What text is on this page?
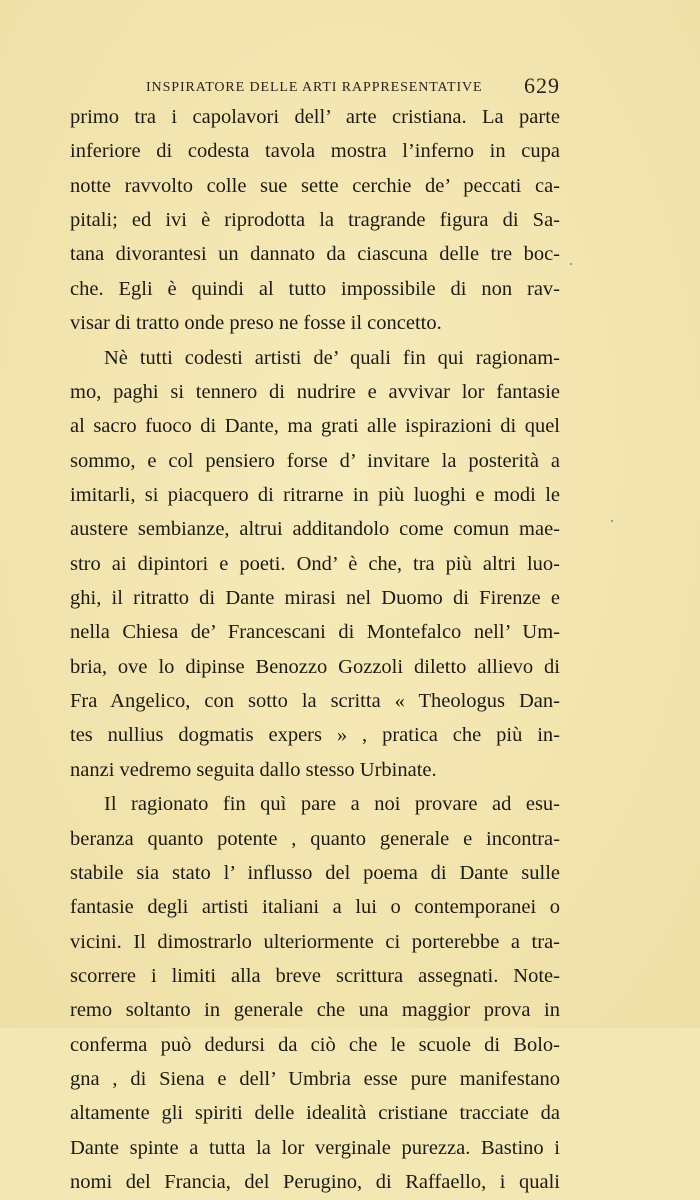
INSPIRATORE DELLE ARTI RAPPRESENTATIVE 629
primo tra i capolavori dell’ arte cristiana. La parte
inferiore di codesta tavola mostra l’inferno in cupa
notte ravvolto colle sue sette cerchie de’ peccati ca-
pitali; ed ivi è riprodotta la tragrande figura di Sa-
tana divorantesi un dannato da ciascuna delle tre boc-
che. Egli è quindi al tutto impossibile di non rav-
visar di tratto onde preso ne fosse il concetto.
Nè tutti codesti artisti de’ quali fin qui ragionam-
mo, paghi si tennero di nudrire e avvivar lor fantasie
al sacro fuoco di Dante, ma grati alle ispirazioni di quel
sommo, e col pensiero forse d’ invitare la posterità a
imitarli, si piacquero di ritrarne in più luoghi e modi le
austere sembianze, altrui additandolo come comun mae-
stro ai dipintori e poeti. Ond’ è che, tra più altri luo-
ghi, il ritratto di Dante mirasi nel Duomo di Firenze e
nella Chiesa de’ Francescani di Montefalco nell’ Um-
bria, ove lo dipinse Benozzo Gozzoli diletto allievo di
Fra Angelico, con sotto la scritta « Theologus Dan-
tes nullius dogmatis expers » , pratica che più in-
nanzi vedremo seguita dallo stesso Urbinate.
Il ragionato fin quì pare a noi provare ad esu-
beranza quanto potente , quanto generale e incontra-
stabile sia stato l’ influsso del poema di Dante sulle
fantasie degli artisti italiani a lui o contemporanei o
vicini. Il dimostrarlo ulteriormente ci porterebbe a tra-
scorrere i limiti alla breve scrittura assegnati. Note-
remo soltanto in generale che una maggior prova in
conferma può dedursi da ciò che le scuole di Bolo-
gna , di Siena e dell’ Umbria esse pure manifestano
altamente gli spiriti delle idealità cristiane tracciate da
Dante spinte a tutta la lor verginale purezza. Bastino i
nomi del Francia, del Perugino, di Raffaello, i quali
